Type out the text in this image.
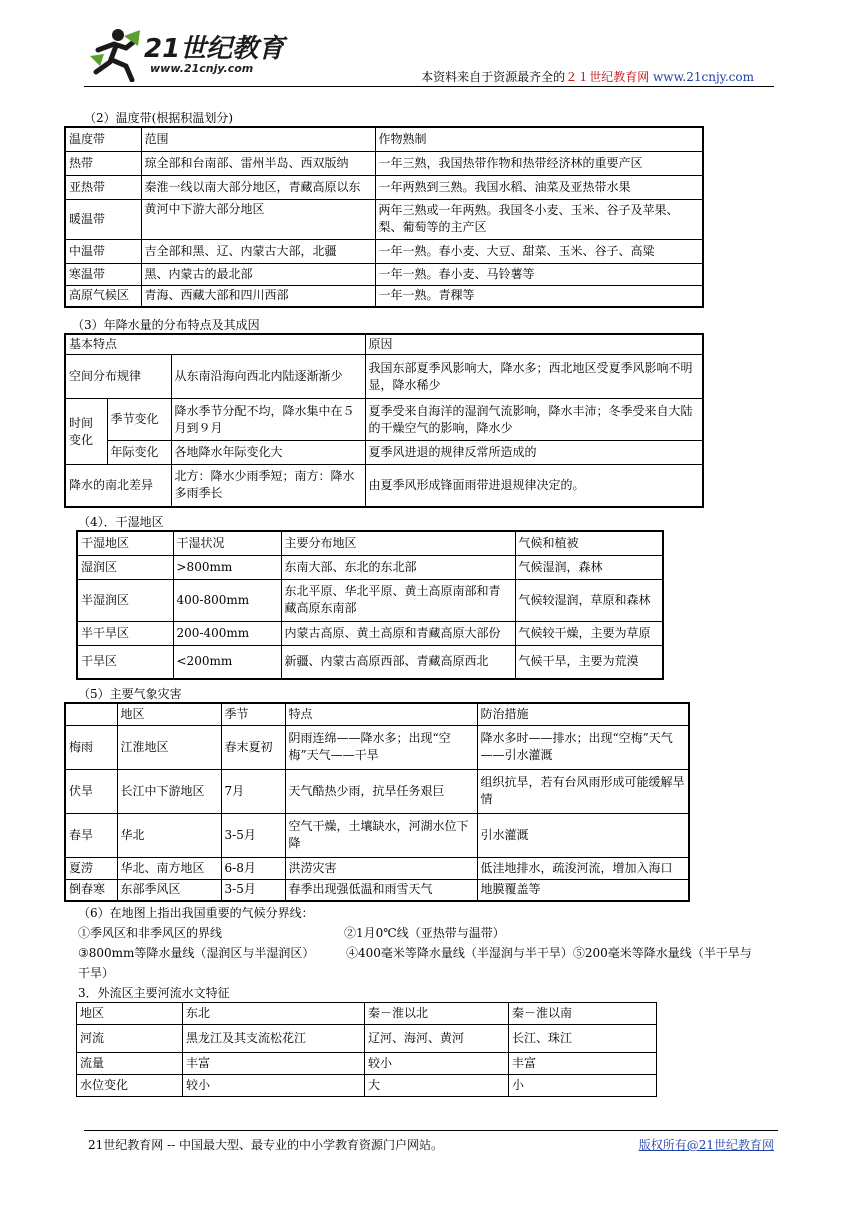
21世纪教育
www.21cnjy.com
本资料来自于资源最齐全的２１世纪教育网 www.21cnjy.com
（2）温度带(根据积温划分)
温度带	范围	作物熟制
热带	琼全部和台南部、雷州半岛、西双版纳	一年三熟，我国热带作物和热带经济林的重要产区
亚热带	秦淮一线以南大部分地区，青藏高原以东	一年两熟到三熟。我国水稻、油菜及亚热带水果
暖温带	黄河中下游大部分地区	两年三熟或一年两熟。我国冬小麦、玉米、谷子及苹果、梨、葡萄等的主产区
中温带	吉全部和黑、辽、内蒙古大部，北疆	一年一熟。春小麦、大豆、甜菜、玉米、谷子、高粱
寒温带	黑、内蒙古的最北部	一年一熟。春小麦、马铃薯等
高原气候区	青海、西藏大部和四川西部	一年一熟。青稞等
（3）年降水量的分布特点及其成因
基本特点			原因
空间分布规律		从东南沿海向西北内陆逐渐渐少	我国东部夏季风影响大，降水多；西北地区受夏季风影响不明显，降水稀少
时间变化	季节变化	降水季节分配不均，降水集中在５月到９月	夏季受来自海洋的湿润气流影响，降水丰沛；冬季受来自大陆的干燥空气的影响，降水少
	年际变化	各地降水年际变化大	夏季风进退的规律反常所造成的
降水的南北差异		北方：降水少雨季短；南方：降水多雨季长	由夏季风形成锋面雨带进退规律决定的。
（4）．干湿地区
干湿地区	干湿状况	主要分布地区	气候和植被
湿润区	>800mm	东南大部、东北的东北部	气候湿润，森林
半湿润区	400-800mm	东北平原、华北平原、黄土高原南部和青藏高原东南部	气候较湿润，草原和森林
半干旱区	200-400mm	内蒙古高原、黄土高原和青藏高原大部份	气候较干燥，主要为草原
干旱区	<200mm	新疆、内蒙古高原西部、青藏高原西北	气候干旱，主要为荒漠
（5）主要气象灾害
	地区	季节	特点	防治措施
梅雨	江淮地区	春末夏初	阴雨连绵——降水多；出现“空梅”天气——干旱	降水多时——排水；出现“空梅”天气——引水灌溉
伏旱	长江中下游地区	7月	天气酷热少雨，抗旱任务艰巨	组织抗旱，若有台风雨形成可能缓解旱情
春旱	华北	3-5月	空气干燥，土壤缺水，河湖水位下降	引水灌溉
夏涝	华北、南方地区	6-8月	洪涝灾害	低洼地排水，疏浚河流，增加入海口
倒春寒	东部季风区	3-5月	春季出现强低温和雨雪天气	地膜覆盖等
（6）在地图上指出我国重要的气候分界线：
①季风区和非季风区的界线	②1月0℃线（亚热带与温带）
③800mm等降水量线（湿润区与半湿润区）	④400毫米等降水量线（半湿润与半干旱）⑤200毫米等降水量线（半干旱与
干旱）
3．外流区主要河流水文特征
地区	东北	秦－淮以北	秦－淮以南
河流	黑龙江及其支流松花江	辽河、海河、黄河	长江、珠江
流量	丰富	较小	丰富
水位变化	较小	大	小
21世纪教育网 -- 中国最大型、最专业的中小学教育资源门户网站。	版权所有@21世纪教育网
